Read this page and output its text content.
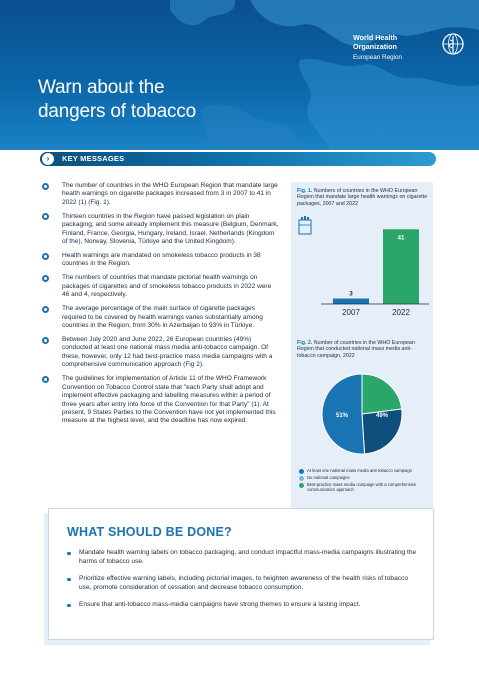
Warn about the
dangers of tobacco
World Health
Organization
European Region
›	KEY MESSAGES
The number of countries in the WHO European Region that mandate large health warnings on cigarette packages increased from 3 in 2007 to 41 in 2022 (1) (Fig. 1).
Thirteen countries in the Region have passed legislation on plain packaging, and some already implement this measure (Belgium, Denmark, Finland, France, Georgia, Hungary, Ireland, Israel, Netherlands (Kingdom of the), Norway, Slovenia, Türkiye and the United Kingdom).
Health warnings are mandated on smokeless tobacco products in 38 countries in the Region.
The numbers of countries that mandate pictorial health warnings on packages of cigarettes and of smokeless tobacco products in 2022 were 46 and 4, respectively.
The average percentage of the main surface of cigarette packages required to be covered by health warnings varies substantially among countries in the Region, from 30% in Azerbaijan to 93% in Türkiye.
Between July 2020 and June 2022, 26 European countries (49%) conducted at least one national mass media anti-tobacco campaign. Of these, however, only 12 had best-practice mass media campaigns with a comprehensive communication approach (Fig 2).
The guidelines for implementation of Article 11 of the WHO Framework Convention on Tobacco Control state that "each Party shall adopt and implement effective packaging and labelling measures within a period of three years after entry into force of the Convention for that Party" (1). At present, 9 States Parties to the Convention have not yet implemented this measure at the highest level, and the deadline has now expired.
Fig. 1. Numbers of countries in the WHO European Region that mandate large health warnings on cigarette packages, 2007 and 2022
3
2007
41
2022
Fig. 2. Number of countries in the WHO European Region that conducted national mass media anti-tobacco campaign, 2022
51%	49%
At least one national mass media anti-tobacco campaign
No national campaigns
Best-practice mass media campaign with a comprehensive communication approach
WHAT SHOULD BE DONE?
Mandate health warning labels on tobacco packaging, and conduct impactful mass-media campaigns illustrating the harms of tobacco use.
Prioritize effective warning labels, including pictorial images, to heighten awareness of the health risks of tobacco use, promote consideration of cessation and decrease tobacco consumption.
Ensure that anti-tobacco mass-media campaigns have strong themes to ensure a lasting impact.
